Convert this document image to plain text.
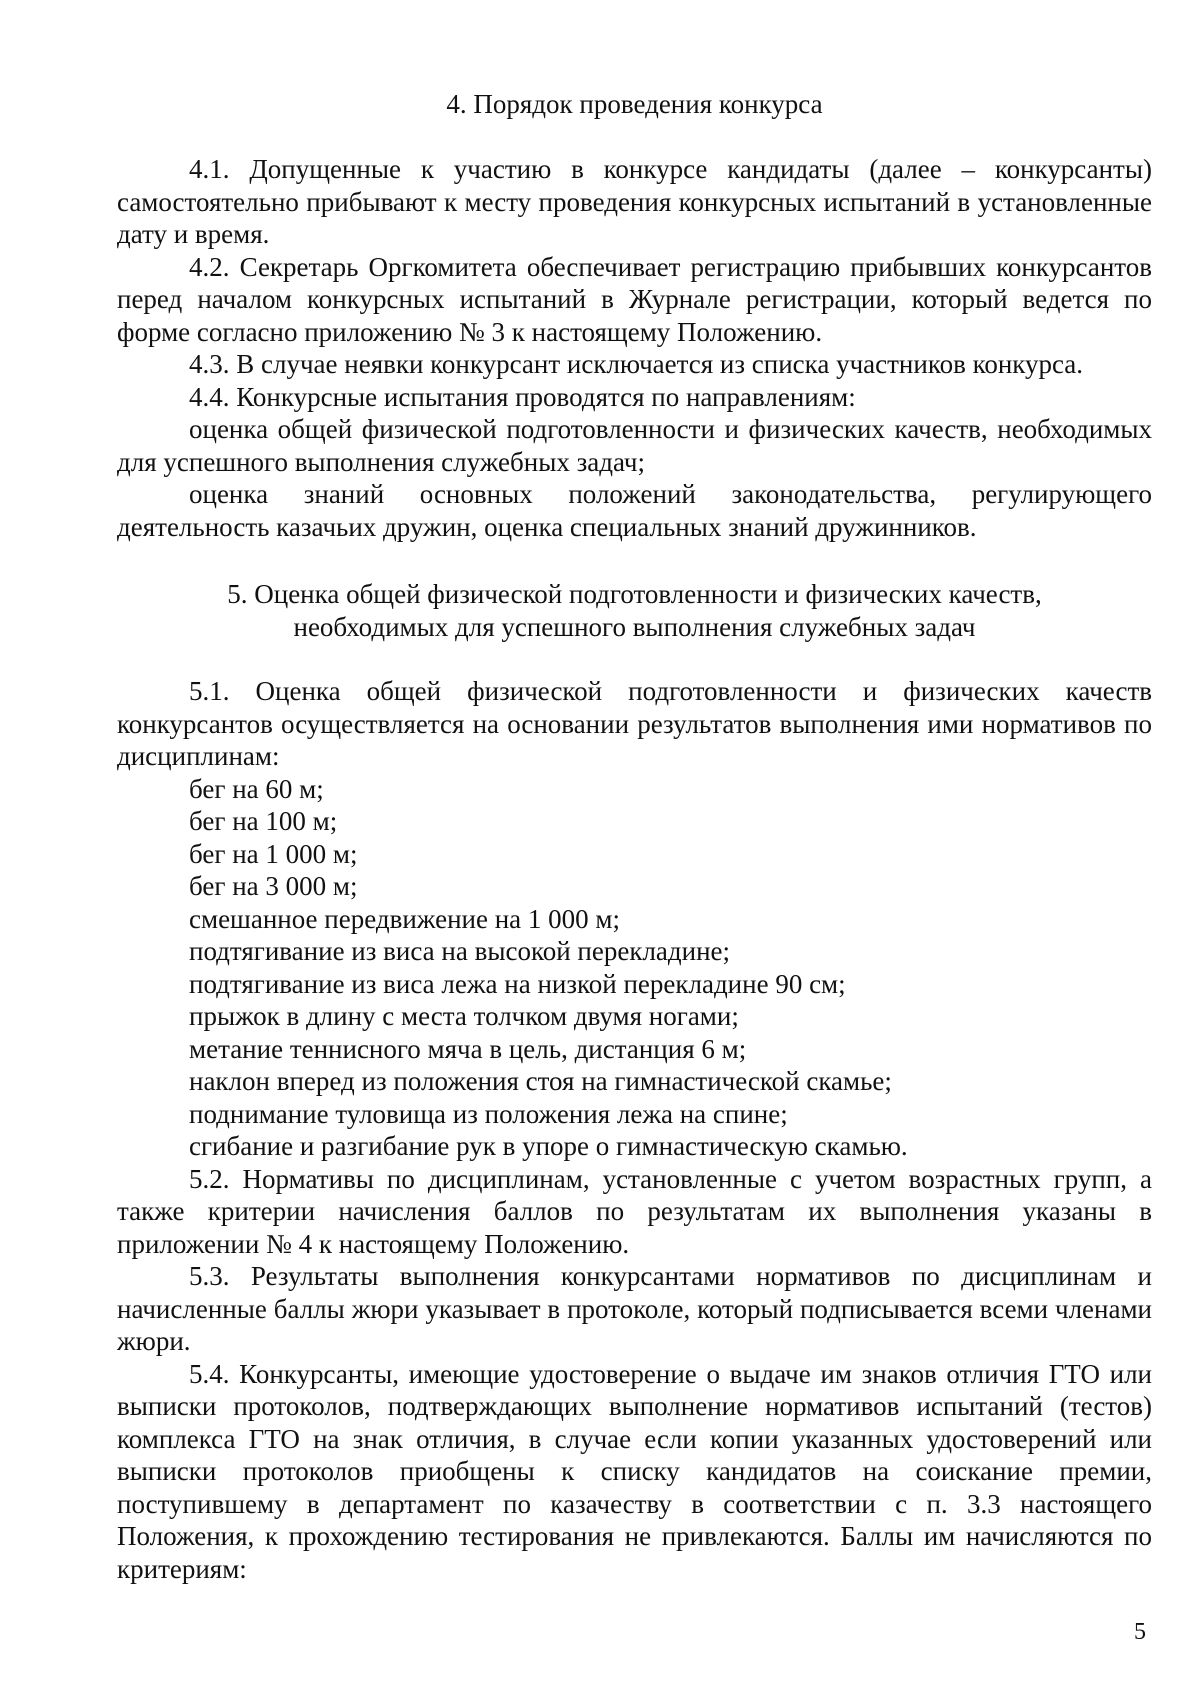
4. Порядок проведения конкурса

4.1. Допущенные к участию в конкурсе кандидаты (далее – конкурсанты) самостоятельно прибывают к месту проведения конкурсных испытаний в установленные дату и время.

4.2. Секретарь Оргкомитета обеспечивает регистрацию прибывших конкурсантов перед началом конкурсных испытаний в Журнале регистрации, который ведется по форме согласно приложению № 3 к настоящему Положению.

4.3. В случае неявки конкурсант исключается из списка участников конкурса.

4.4. Конкурсные испытания проводятся по направлениям:

оценка общей физической подготовленности и физических качеств, необходимых для успешного выполнения служебных задач;

оценка знаний основных положений законодательства, регулирующего деятельность казачьих дружин, оценка специальных знаний дружинников.

5. Оценка общей физической подготовленности и физических качеств,
необходимых для успешного выполнения служебных задач

5.1. Оценка общей физической подготовленности и физических качеств конкурсантов осуществляется на основании результатов выполнения ими нормативов по дисциплинам:

бег на 60 м;

бег на 100 м;

бег на 1 000 м;

бег на 3 000 м;

смешанное передвижение на 1 000 м;

подтягивание из виса на высокой перекладине;

подтягивание из виса лежа на низкой перекладине 90 см;

прыжок в длину с места толчком двумя ногами;

метание теннисного мяча в цель, дистанция 6 м;

наклон вперед из положения стоя на гимнастической скамье;

поднимание туловища из положения лежа на спине;

сгибание и разгибание рук в упоре о гимнастическую скамью.

5.2. Нормативы по дисциплинам, установленные с учетом возрастных групп, а также критерии начисления баллов по результатам их выполнения указаны в приложении № 4 к настоящему Положению.

5.3. Результаты выполнения конкурсантами нормативов по дисциплинам и начисленные баллы жюри указывает в протоколе, который подписывается всеми членами жюри.

5.4. Конкурсанты, имеющие удостоверение о выдаче им знаков отличия ГТО или выписки протоколов, подтверждающих выполнение нормативов испытаний (тестов) комплекса ГТО на знак отличия, в случае если копии указанных удостоверений или выписки протоколов приобщены к списку кандидатов на соискание премии, поступившему в департамент по казачеству в соответствии с п. 3.3 настоящего Положения, к прохождению тестирования не привлекаются. Баллы им начисляются по критериям:

5
